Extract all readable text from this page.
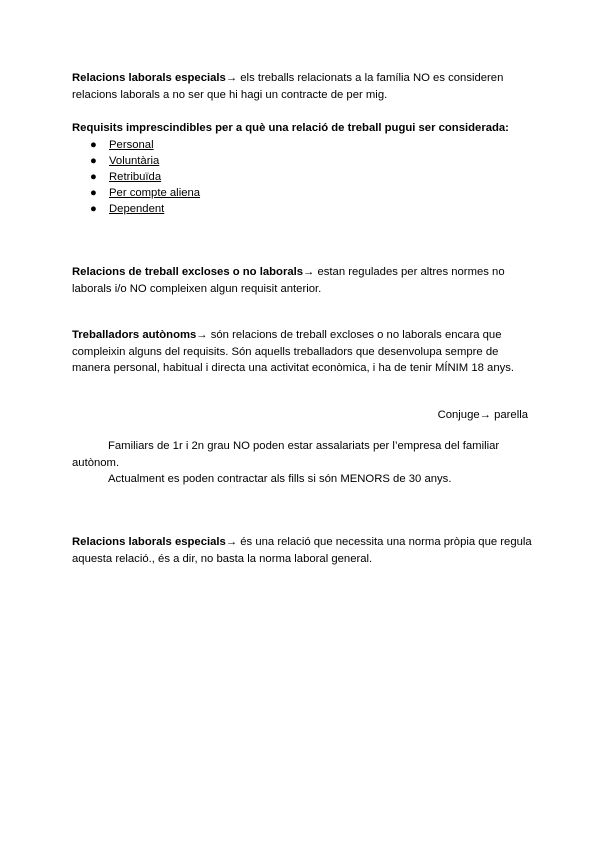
Relacions laborals especials→ els treballs relacionats a la família NO es consideren relacions laborals a no ser que hi hagi un contracte de per mig.

Requisits imprescindibles per a què una relació de treball pugui ser considerada:
● Personal
● Voluntària
● Retribuïda
● Per compte aliena
● Dependent

Relacions de treball excloses o no laborals→ estan regulades per altres normes no laborals i/o NO compleixen algun requisit anterior.

Treballadors autònoms→ són relacions de treball excloses o no laborals encara que compleixin alguns del requisits. Són aquells treballadors que desenvolupa sempre de manera personal, habitual i directa una activitat econòmica, i ha de tenir MÍNIM 18 anys.

Conjuge→ parella

Familiars de 1r i 2n grau NO poden estar assalariats per l’empresa del familiar autònom.

Actualment es poden contractar als fills si són MENORS de 30 anys.

Relacions laborals especials→ és una relació que necessita una norma pròpia que regula aquesta relació., és a dir, no basta la norma laboral general.
